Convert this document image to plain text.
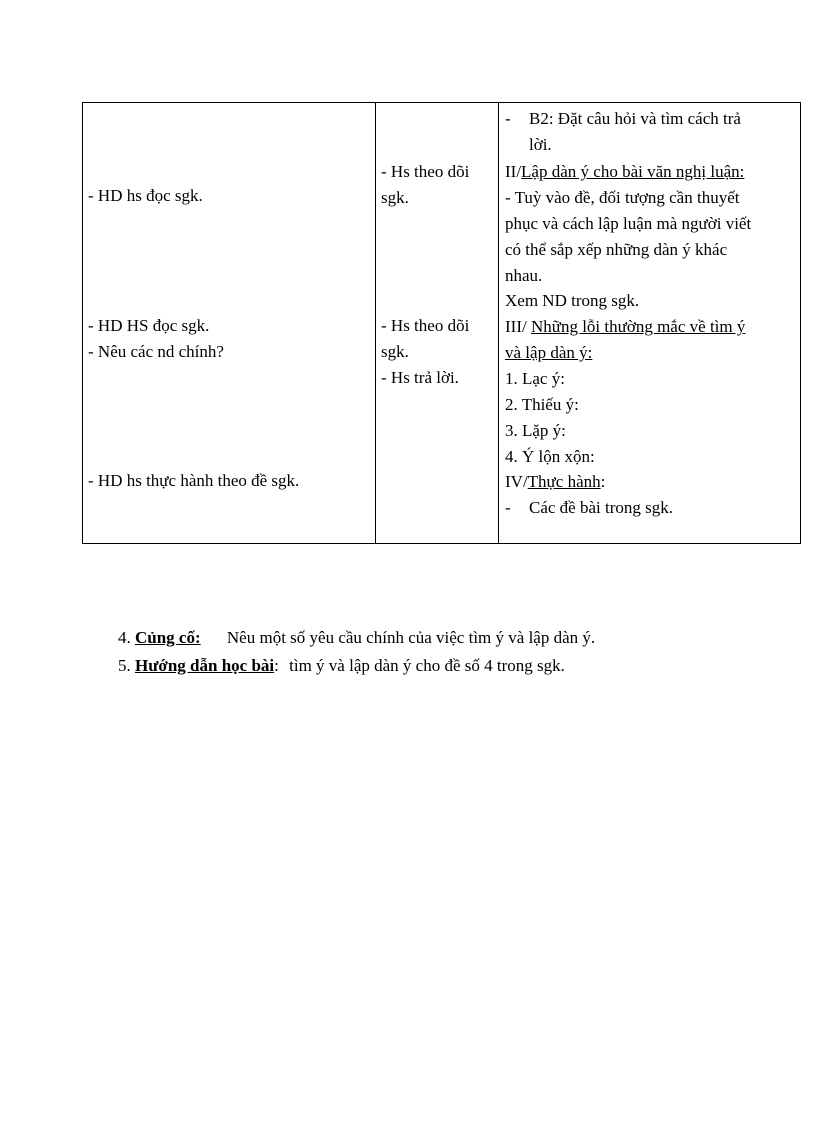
- HD hs đọc sgk.
- HD HS đọc sgk.
- Nêu các nd chính?
- HD hs thực hành theo đề sgk.
- Hs theo dõi
sgk.
- Hs theo dõi
sgk.
- Hs trả lời.
- B2: Đặt câu hỏi và tìm cách trả
lời.
II/Lập dàn ý cho bài văn nghị luận:
- Tuỳ vào đề, đối tượng cần thuyết
phục và cách lập luận mà người viết
có thể sắp xếp những dàn ý khác
nhau.
Xem ND trong sgk.
III/ Những lỗi thường mắc về tìm ý
và lập dàn ý:
1. Lạc ý:
2. Thiếu ý:
3. Lặp ý:
4. Ý lộn xộn:
IV/Thực hành:
- Các đề bài trong sgk.
4. Củng cố: Nêu một số yêu cầu chính của việc tìm ý và lập dàn ý.
5. Hướng dẫn học bài: tìm ý và lập dàn ý cho đề số 4 trong sgk.
